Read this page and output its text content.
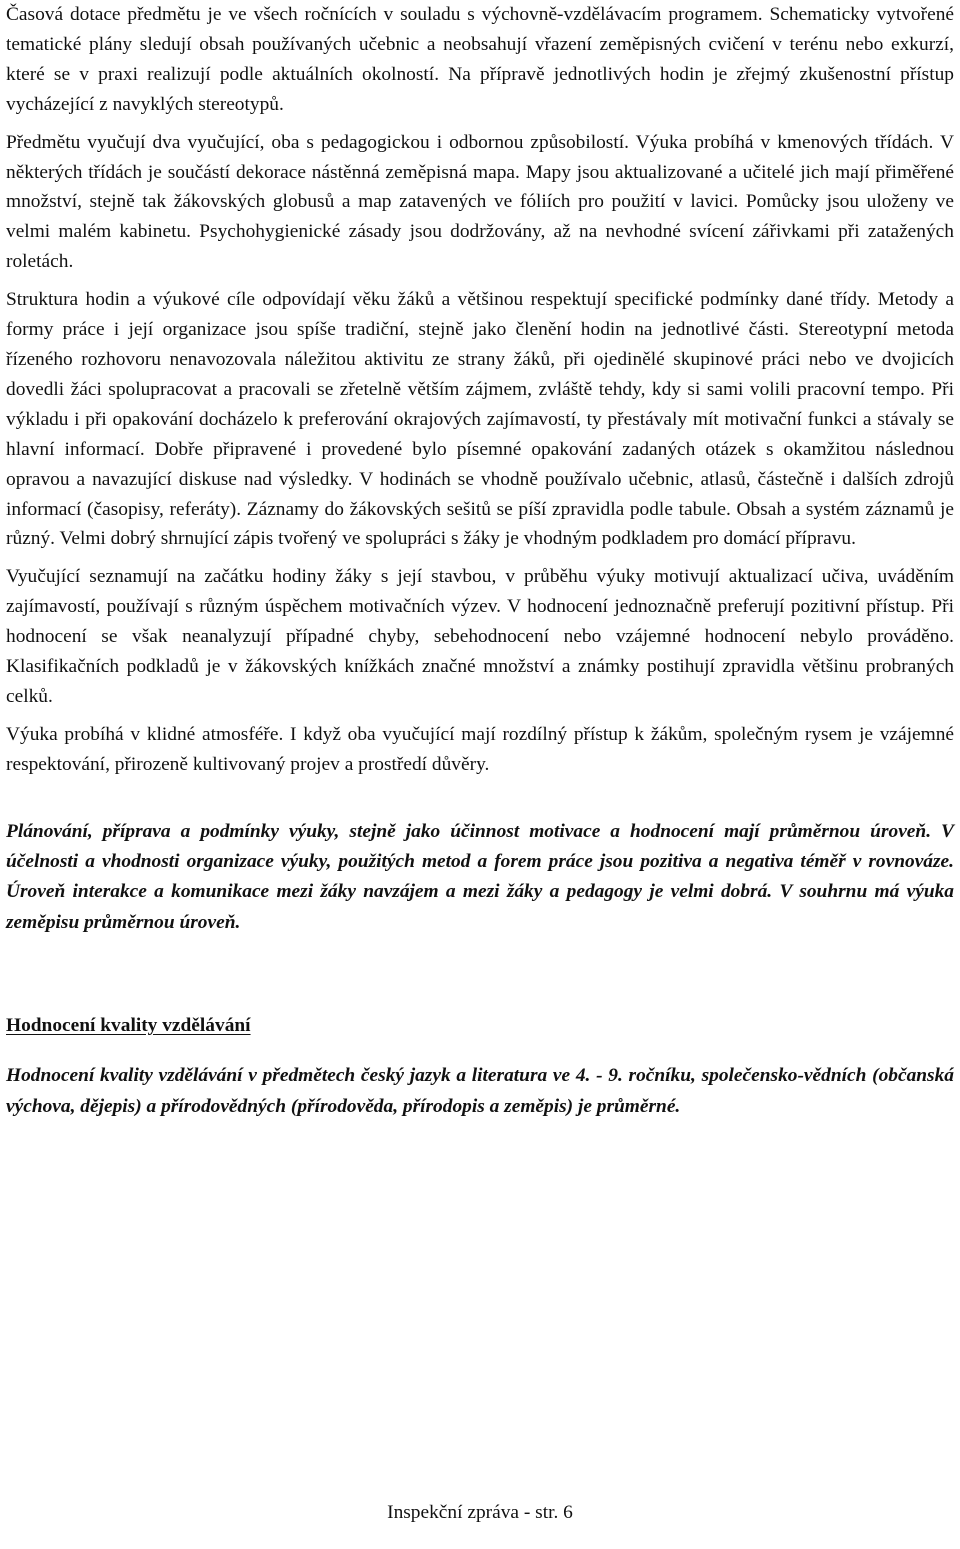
Časová dotace předmětu je ve všech ročnících v souladu s výchovně-vzdělávacím programem. Schematicky vytvořené tematické plány sledují obsah používaných učebnic a neobsahují vřazení zeměpisných cvičení v terénu nebo exkurzí, které se v praxi realizují podle aktuálních okolností. Na přípravě jednotlivých hodin je zřejmý zkušenostní přístup vycházející z navyklých stereotypů.

Předmětu vyučují dva vyučující, oba s pedagogickou i odbornou způsobilostí. Výuka probíhá v kmenových třídách. V některých třídách je součástí dekorace nástěnná zeměpisná mapa. Mapy jsou aktualizované a učitelé jich mají přiměřené množství, stejně tak žákovských globusů a map zatavených ve fóliích pro použití v lavici. Pomůcky jsou uloženy ve velmi malém kabinetu. Psychohygienické zásady jsou dodržovány, až na nevhodné svícení zářivkami při zatažených roletách.

Struktura hodin a výukové cíle odpovídají věku žáků a většinou respektují specifické podmínky dané třídy. Metody a formy práce i její organizace jsou spíše tradiční, stejně jako členění hodin na jednotlivé části. Stereotypní metoda řízeného rozhovoru nenavozovala náležitou aktivitu ze strany žáků, při ojedinělé skupinové práci nebo ve dvojicích dovedli žáci spolupracovat a pracovali se zřetelně větším zájmem, zvláště tehdy, kdy si sami volili pracovní tempo. Při výkladu i při opakování docházelo k preferování okrajových zajímavostí, ty přestávaly mít motivační funkci a stávaly se hlavní informací. Dobře připravené i provedené bylo písemné opakování zadaných otázek s okamžitou následnou opravou a navazující diskuse nad výsledky. V hodinách se vhodně používalo učebnic, atlasů, částečně i dalších zdrojů informací (časopisy, referáty). Záznamy do žákovských sešitů se píší zpravidla podle tabule. Obsah a systém záznamů je různý. Velmi dobrý shrnující zápis tvořený ve spolupráci s žáky je vhodným podkladem pro domácí přípravu.

Vyučující seznamují na začátku hodiny žáky s její stavbou, v průběhu výuky motivují aktualizací učiva, uváděním zajímavostí, používají s různým úspěchem motivačních výzev. V hodnocení jednoznačně preferují pozitivní přístup. Při hodnocení se však neanalyzují případné chyby, sebehodnocení nebo vzájemné hodnocení nebylo prováděno. Klasifikačních podkladů je v žákovských knížkách značné množství a známky postihují zpravidla většinu probraných celků.

Výuka probíhá v klidné atmosféře. I když oba vyučující mají rozdílný přístup k žákům, společným rysem je vzájemné respektování, přirozeně kultivovaný projev a prostředí důvěry.

Plánování, příprava a podmínky výuky, stejně jako účinnost motivace a hodnocení mají průměrnou úroveň. V účelnosti a vhodnosti organizace výuky, použitých metod a forem práce jsou pozitiva a negativa téměř v rovnováze. Úroveň interakce a komunikace mezi žáky navzájem a mezi žáky a pedagogy je velmi dobrá. V souhrnu má výuka zeměpisu průměrnou úroveň.

Hodnocení kvality vzdělávání

Hodnocení kvality vzdělávání v předmětech český jazyk a literatura ve 4. - 9. ročníku, společensko-vědních (občanská výchova, dějepis) a přírodovědných (přírodověda, přírodopis a zeměpis) je průměrné.

Inspekční zpráva - str. 6
